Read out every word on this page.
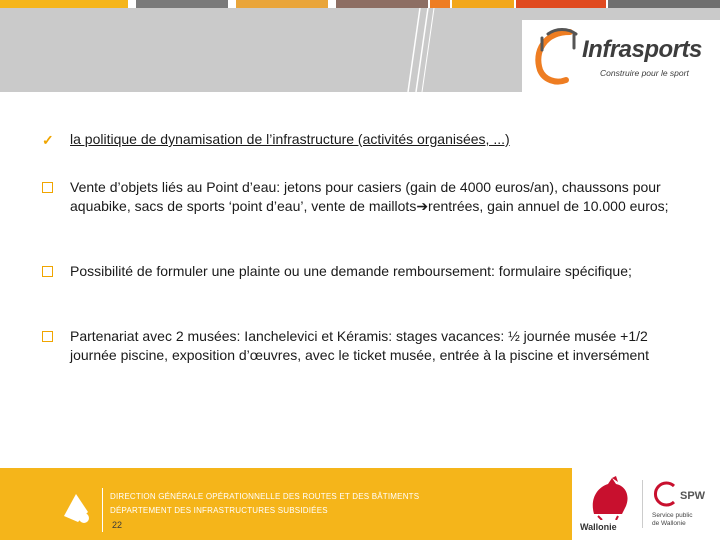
Infrasports
Construire pour le sport
✓ la politique de dynamisation de l’infrastructure (activités organisées, ...)
Vente d’objets liés au Point d’eau: jetons pour casiers (gain de 4000 euros/an), chaussons pour aquabike, sacs de sports ‘point d’eau’, vente de maillots➔rentrées, gain annuel de 10.000 euros;
Possibilité de formuler une plainte ou une demande remboursement: formulaire spécifique;
Partenariat avec 2 musées: Ianchelevici et Kéramis: stages vacances: ½ journée musée +1/2 journée piscine, exposition d’œuvres, avec le ticket musée, entrée à la piscine et inversément
DIRECTION GÉNÉRALE OPÉRATIONNELLE DES ROUTES ET DES BÂTIMENTS
DÉPARTEMENT DES INFRASTRUCTURES SUBSIDIÉES
22	Wallonie
SPW
Service public
de Wallonie
